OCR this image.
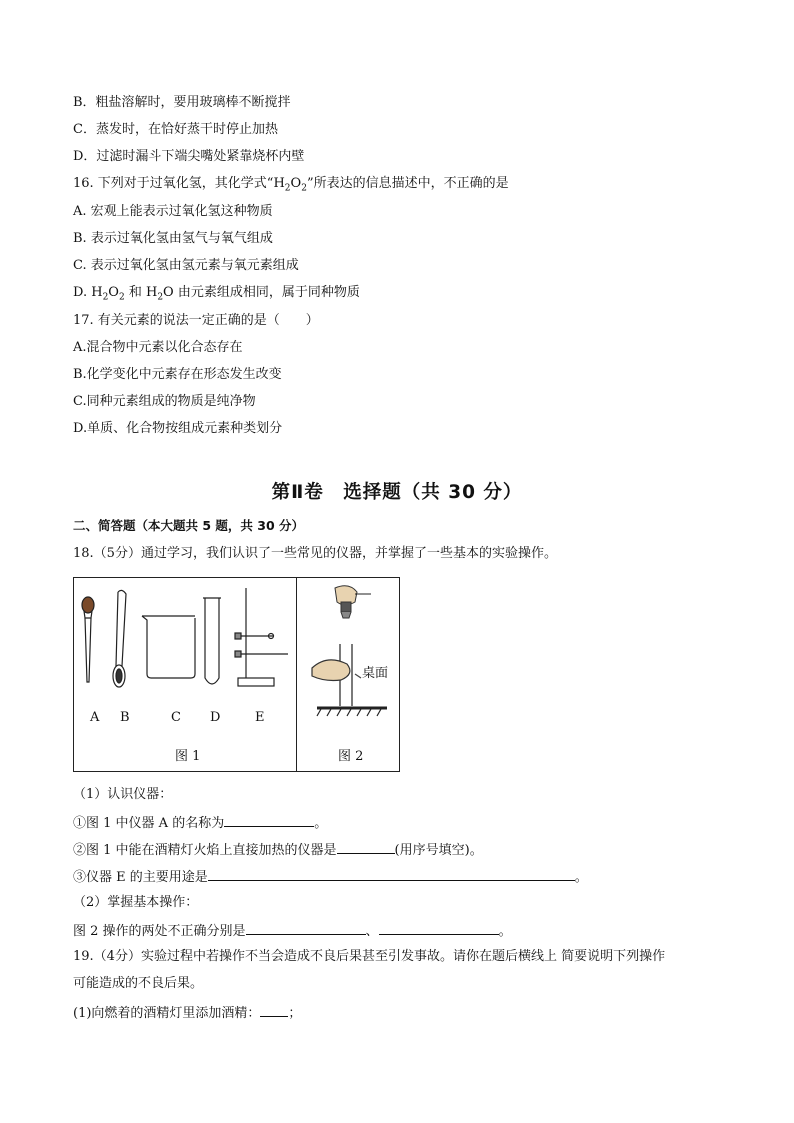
B．粗盐溶解时，要用玻璃棒不断搅拌
C．蒸发时，在恰好蒸干时停止加热
D．过滤时漏斗下端尖嘴处紧靠烧杯内壁
16. 下列对于过氧化氢，其化学式“$H_2O_2$”所表达的信息描述中，不正确的是
A. 宏观上能表示过氧化氢这种物质
B. 表示过氧化氢由氢气与氧气组成
C. 表示过氧化氢由氢元素与氧元素组成
D. $H_2O_2$ 和 $H_2O$ 由元素组成相同，属于同种物质
17. 有关元素的说法一定正确的是（　　）
A.混合物中元素以化合态存在
B.化学变化中元素存在形态发生改变
C.同种元素组成的物质是纯净物
D.单质、化合物按组成元素种类划分
第Ⅱ卷　选择题（共 30 分）
二、简答题（本大题共 5 题，共 30 分）
18.（5分）通过学习，我们认识了一些常见的仪器，并掌握了一些基本的实验操作。
A B	C D	E
图 1
桌面
图 2
（1）认识仪器：
①图 1 中仪器 A 的名称为	。
②图 1 中能在酒精灯火焰上直接加热的仪器是	(用序号填空)。
③仪器 E 的主要用途是	。
（2）掌握基本操作：
图 2 操作的两处不正确分别是	、	。
19.（4分）实验过程中若操作不当会造成不良后果甚至引发事故。请你在题后横线上 简要说明下列操作
可能造成的不良后果。
(1)向燃着的酒精灯里添加酒精： ；
